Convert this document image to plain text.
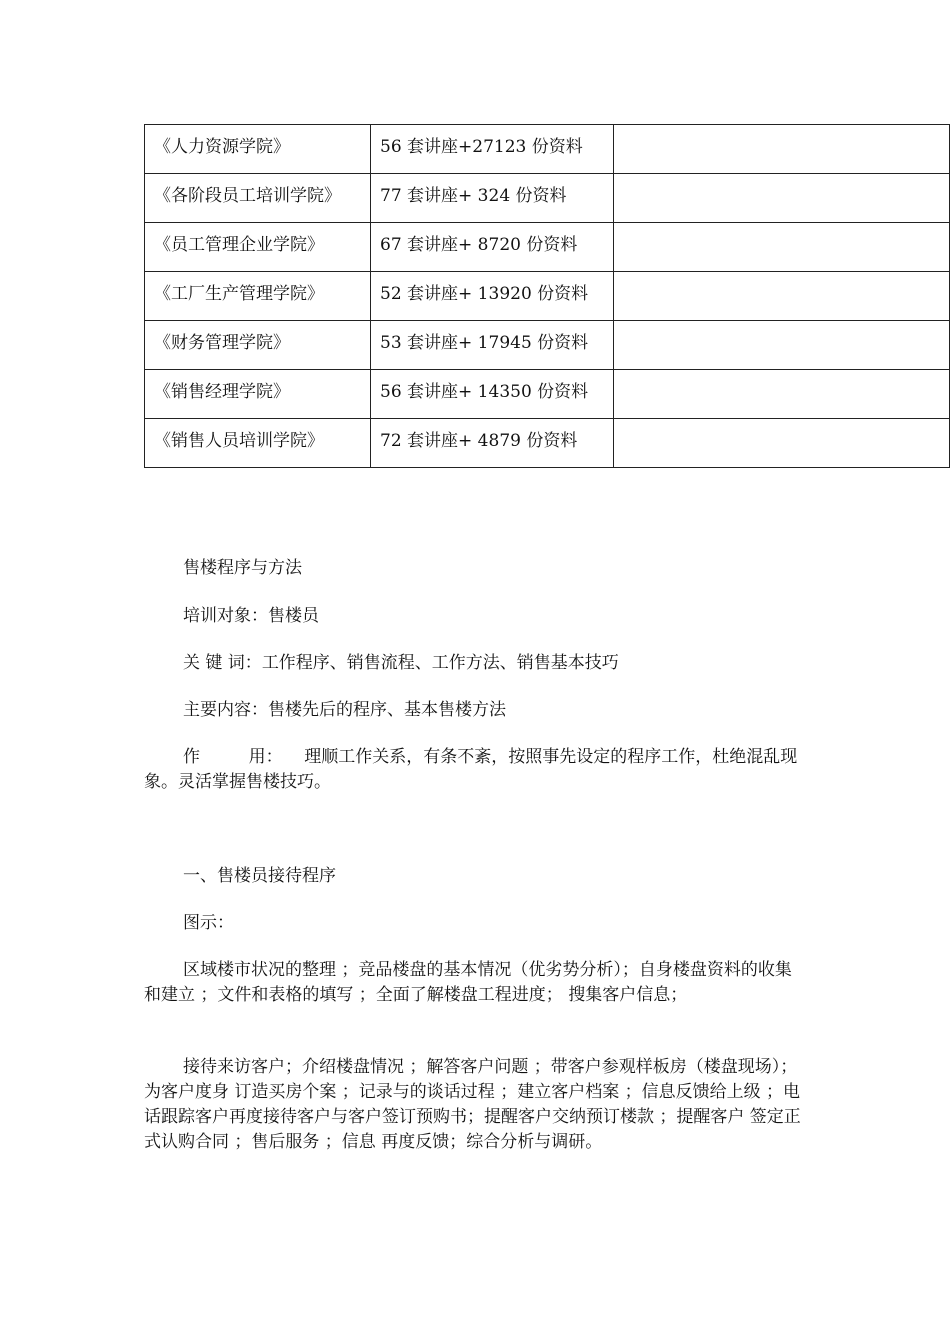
《人力资源学院》	56 套讲座+27123 份资料	
《各阶段员工培训学院》	77 套讲座+ 324 份资料	
《员工管理企业学院》	67 套讲座+ 8720 份资料	
《工厂生产管理学院》	52 套讲座+ 13920 份资料	
《财务管理学院》	53 套讲座+ 17945 份资料	
《销售经理学院》	56 套讲座+ 14350 份资料	
《销售人员培训学院》	72 套讲座+ 4879 份资料	

售楼程序与方法

培训对象：售楼员

关 键 词：工作程序、销售流程、工作方法、销售基本技巧

主要内容：售楼先后的程序、基本售楼方法

作	用： 理顺工作关系，有条不紊，按照事先设定的程序工作，杜绝混乱现象。灵活掌握售楼技巧。

一、售楼员接待程序

图示：

区域楼市状况的整理 ；竞品楼盘的基本情况（优劣势分析）；自身楼盘资料的收集和建立 ；文件和表格的填写 ；全面了解楼盘工程进度； 搜集客户信息；

接待来访客户；介绍楼盘情况 ；解答客户问题 ；带客户参观样板房（楼盘现场）；为客户度身 订造买房个案 ；记录与的谈话过程 ；建立客户档案 ；信息反馈给上级 ；电话跟踪客户再度接待客户与客户签订预购书；提醒客户交纳预订楼款 ；提醒客户 签定正式认购合同 ；售后服务 ；信息 再度反馈；综合分析与调研。
